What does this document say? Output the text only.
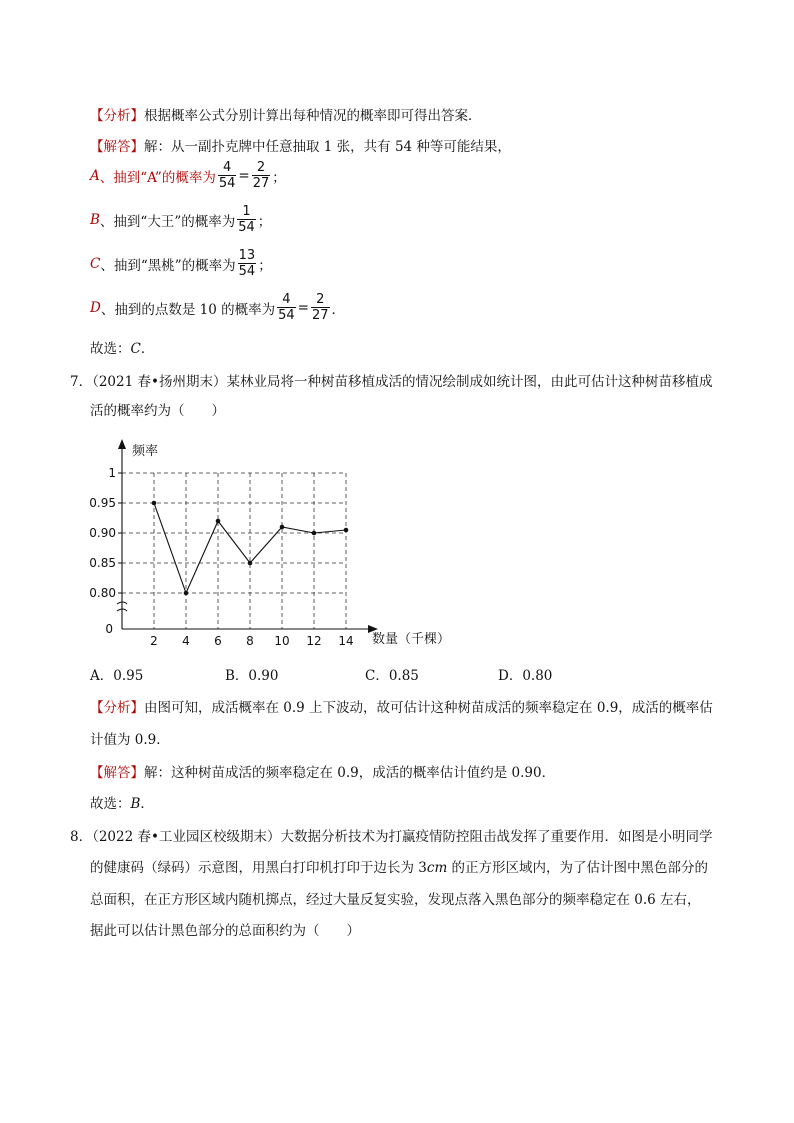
【分析】根据概率公式分别计算出每种情况的概率即可得出答案．
【解答】解：从一副扑克牌中任意抽取 1 张，共有 54 种等可能结果，
A 、抽到“A”的概率为 $\frac{4}{54} = \frac{2}{27}$ ；
B 、抽到“大王”的概率为 $\frac{1}{54}$ ；
C 、抽到“黑桃”的概率为 $\frac{13}{54}$ ；
D 、抽到的点数是 10 的概率为 $\frac{4}{54} = \frac{2}{27}$ ．
故选：C．
7．（2021 春•扬州期末）某林业局将一种树苗移植成活的情况绘制成如统计图，由此可估计这种树苗移植成
活的概率约为（　　）
0.80
0.85
0.90
0.95
1
2 4 6 8 10 12 14
0
频率
数量（千棵）
A．0.95	B．0.90	C．0.85	D．0.80
【分析】由图可知，成活概率在 0.9 上下波动，故可估计这种树苗成活的频率稳定在 0.9，成活的概率估
计值为 0.9．
【解答】解：这种树苗成活的频率稳定在 0.9，成活的概率估计值约是 0.90．
故选：B．
8．（2022 春•工业园区校级期末）大数据分析技术为打赢疫情防控阻击战发挥了重要作用．如图是小明同学
的健康码（绿码）示意图，用黑白打印机打印于边长为 3cm 的正方形区域内，为了估计图中黑色部分的
总面积，在正方形区域内随机掷点，经过大量反复实验，发现点落入黑色部分的频率稳定在 0.6 左右，
据此可以估计黑色部分的总面积约为（　　）
